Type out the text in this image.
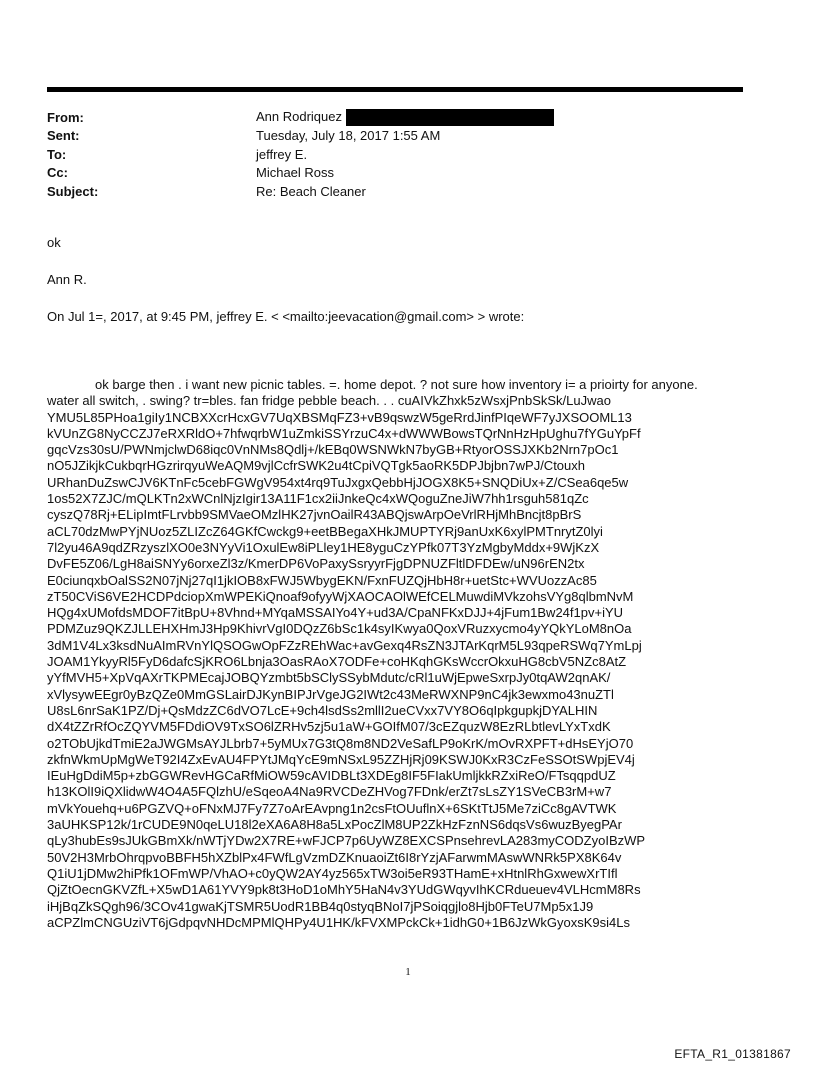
From:	Ann Rodriquez
Sent:	Tuesday, July 18, 2017 1:55 AM
To:	jeffrey E.
Cc:	Michael Ross
Subject:	Re: Beach Cleaner
ok
Ann R.
On Jul 1=, 2017, at 9:45 PM, jeffrey E. < <mailto:jeevacation@gmail.com> > wrote:
ok barge then . i want new picnic tables. =. home depot. ? not sure how inventory i= a prioirty for anyone.
water all switch, . swing? tr=bles. fan fridge pebble beach. . . cuAIVkZhxk5zWsxjPnbSkSk/LuJwao
YMU5L85PHoa1giIy1NCBXXcrHcxGV7UqXBSMqFZ3+vB9qswzW5geRrdJinfPIqeWF7yJXSOOML13
kVUnZG8NyCCZJ7eRXRldO+7hfwqrbW1uZmkiSSYrzuC4x+dWWWBowsTQrNnHzHpUghu7fYGuYpFf
gqcVzs30sU/PWNmjclwD68iqc0VnNMs8Qdlj+/kEBq0WSNWkN7byGB+RtyorOSSJXKb2Nrn7pOc1
nO5JZikjkCukbqrHGzrirqyuWeAQM9vjlCcfrSWK2u4tCpiVQTgk5aoRK5DPJbjbn7wPJ/Ctouxh
URhanDuZswCJV6KTnFc5cebFGWgV954xt4rq9TuJxgxQebbHjJOGX8K5+SNQDiUx+Z/CSea6qe5w
1os52X7ZJC/mQLKTn2xWCnlNjzIgir13A11F1cx2iiJnkeQc4xWQoguZneJiW7hh1rsguh581qZc
cyszQ78Rj+ELipImtFLrvbb9SMVaeOMzlHK27jvnOailR43ABQjswArpOeVrlRHjMhBncjt8pBrS
aCL70dzMwPYjNUoz5ZLIZcZ64GKfCwckg9+eetBBegaXHkJMUPTYRj9anUxK6xylPMTnrytZ0lyi
7l2yu46A9qdZRzyszlXO0e3NYyVi1OxulEw8iPLley1HE8yguCzYPfk07T3YzMgbyMddx+9WjKzX
DvFE5Z06/LgH8aiSNYy6orxeZl3z/KmerDP6VoPaxySsryyrFjgDPNUZFltlDFDEw/uN96rEN2tx
E0ciunqxbOalSS2N07jNj27qI1jkIOB8xFWJ5WbygEKN/FxnFUZQjHbH8r+uetStc+WVUozzAc85
zT50CViS6VE2HCDPdciopXmWPEKiQnoaf9ofyyWjXAOCAOlWEfCELMuwdiMVkzohsVYg8qlbmNvM
HQg4xUMofdsMDOF7itBpU+8Vhnd+MYqaMSSAIYo4Y+ud3A/CpaNFKxDJJ+4jFum1Bw24f1pv+iYU
PDMZuz9QKZJLLEHXHmJ3Hp9KhivrVgI0DQzZ6bSc1k4syIKwya0QoxVRuzxycmo4yYQkYLoM8nOa
3dM1V4Lx3ksdNuAImRVnYlQSOGwOpFZzREhWac+avGexq4RsZN3JTArKqrM5L93qpeRSWq7YmLpj
JOAM1YkyyRl5FyD6dafcSjKRO6Lbnja3OasRAoX7ODFe+coHKqhGKsWccrOkxuHG8cbV5NZc8AtZ
yYfMVH5+XpVqAXrTKPMEcajJOBQYzmbt5bSClySSybMdutc/cRl1uWjEpweSxrpJy0tqAW2qnAK/
xVlysywEEgr0yBzQZe0MmGSLairDJKynBIPJrVgeJG2IWt2c43MeRWXNP9nC4jk3ewxmo43nuZTl
U8sL6nrSaK1PZ/Dj+QsMdzZC6dVO7LcE+9ch4lsdSs2mllI2ueCVxx7VY8O6qIpkgupkjDYALHIN
dX4tZZrRfOcZQYVM5FDdiOV9TxSO6lZRHv5zj5u1aW+GOIfM07/3cEZquzW8EzRLbtlevLYxTxdK
o2TObUjkdTmiE2aJWGMsAYJLbrb7+5yMUx7G3tQ8m8ND2VeSafLP9oKrK/mOvRXPFT+dHsEYjO70
zkfnWkmUpMgWeT92I4ZxEvAU4FPYtJMqYcE9mNSxL95ZZHjRj09KSWJ0KxR3CzFeSSOtSWpjEV4j
IEuHgDdiM5p+zbGGWRevHGCaRfMiOW59cAVIDBLt3XDEg8IF5FIakUmljkkRZxiReO/FTsqqpdUZ
h13KOlI9iQXlidwW4O4A5FQlzhU/eSqeoA4Na9RVCDeZHVog7FDnk/erZt7sLsZY1SVeCB3rM+w7
mVkYouehq+u6PGZVQ+oFNxMJ7Fy7Z7oArEAvpng1n2csFtOUuflnX+6SKtTtJ5Me7ziCc8gAVTWK
3aUHKSP12k/1rCUDE9N0qeLU18l2eXA6A8H8a5LxPocZlM8UP2ZkHzFznNS6dqsVs6wuzByegPAr
qLy3hubEs9sJUkGBmXk/nWTjYDw2X7RE+wFJCP7p6UyWZ8EXCSPnsehrevLA283myCODZyoIBzWP
50V2H3MrbOhrqpvoBBFH5hXZblPx4FWfLgVzmDZKnuaoiZt6I8rYzjAFarwmMAswWNRk5PX8K64v
Q1iU1jDMw2hiPfk1OFmWP/VhAO+c0yQW2AY4yz565xTW3oi5eR93THamE+xHtnlRhGxwewXrTIfl
QjZtOecnGKVZfL+X5wD1A61YVY9pk8t3HoD1oMhY5HaN4v3YUdGWqyvIhKCRdueuev4VLHcmM8Rs
iHjBqZkSQgh96/3COv41gwaKjTSMR5UodR1BB4q0styqBNoI7jPSoiqgjlo8Hjb0FTeU7Mp5x1J9
aCPZlmCNGUziVT6jGdpqvNHDcMPMlQHPy4U1HK/kFVXMPckCk+1idhG0+1B6JzWkGyoxsK9si4Ls
1
EFTA_R1_01381867
